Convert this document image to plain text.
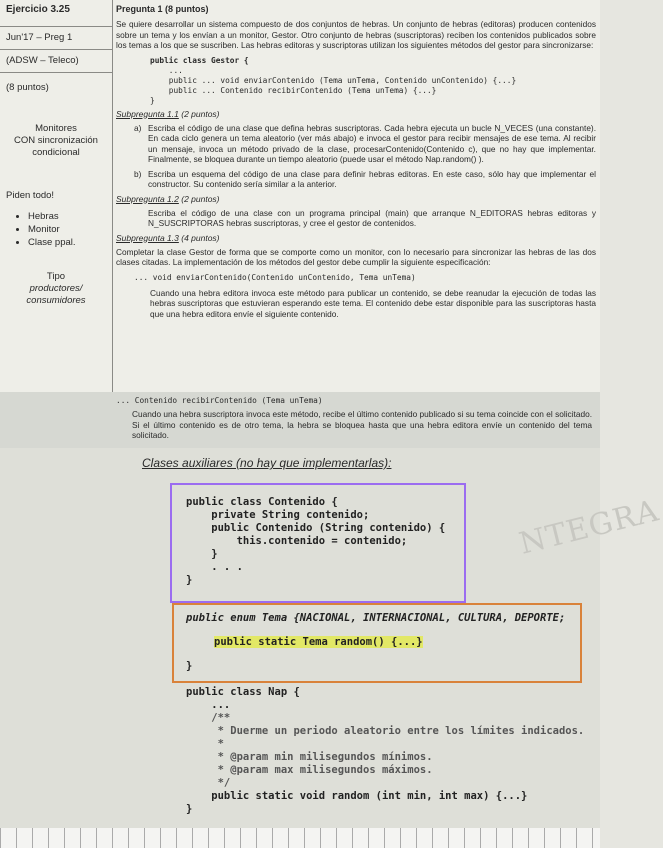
Ejercicio 3.25
Jun'17 – Preg 1
(ADSW – Teleco)
(8 puntos)
Monitores
CON sincronización
condicional
Piden todo!
• Hebras
• Monitor
• Clase ppal.
Tipo
productores/
consumidores
Pregunta 1 (8 puntos)

Se quiere desarrollar un sistema compuesto de dos conjuntos de hebras. Un conjunto de hebras (editoras) producen contenidos sobre un tema y los envían a un monitor, Gestor. Otro conjunto de hebras (suscriptoras) reciben los contenidos publicados sobre los temas a los que se suscriben. Las hebras editoras y suscriptoras utilizan los siguientes métodos del gestor para sincronizarse:

public class Gestor {
...
public ... void enviarContenido (Tema unTema, Contenido unContenido) {...}
public ... Contenido recibirContenido (Tema unTema) {...}
}
Subpregunta 1.1 (2 puntos)
a) Escriba el código de una clase que defina hebras suscriptoras. Cada hebra ejecuta un bucle N_VECES (una constante). En cada ciclo genera un tema aleatorio (ver más abajo) e invoca el gestor para recibir mensajes de ese tema. Al recibir un mensaje, invoca un método privado de la clase, procesarContenido(Contenido c), que no hay que implementar. Finalmente, se bloquea durante un tiempo aleatorio (puede usar el método Nap.random() ).
b) Escriba un esquema del código de una clase para definir hebras editoras. En este caso, sólo hay que implementar el constructor. Su contenido sería similar a la anterior.
Subpregunta 1.2 (2 puntos)

Escriba el código de una clase con un programa principal (main) que arranque N_EDITORAS hebras editoras y N_SUSCRIPTORAS hebras suscriptoras, y cree el gestor de contenidos.

Subpregunta 1.3 (4 puntos)

Completar la clase Gestor de forma que se comporte como un monitor, con lo necesario para sincronizar las hebras de las dos clases citadas. La implementación de los métodos del gestor debe cumplir la siguiente especificación:

... void enviarContenido(Contenido unContenido, Tema unTema)

Cuando una hebra editora invoca este método para publicar un contenido, se debe reanudar la ejecución de todas las hebras suscriptoras que estuvieran esperando este tema. El contenido debe estar disponible para las suscriptoras hasta que una hebra editora envíe el siguiente contenido.

... Contenido recibirContenido (Tema unTema)

Cuando una hebra suscriptora invoca este método, recibe el último contenido publicado si su tema coincide con el solicitado. Si el último contenido es de otro tema, la hebra se bloquea hasta que una hebra editora envíe un contenido del tema solicitado.

Clases auxiliares (no hay que implementarlas):
NTEGRA
public class Contenido {
private String contenido;
public Contenido (String contenido) {
this.contenido = contenido;
}
. . .
}
public enum Tema {NACIONAL, INTERNACIONAL, CULTURA, DEPORTE;
public static Tema random() {...}
}
public class Nap {
...
/**
* Duerme un periodo aleatorio entre los límites indicados.
*
* @param min milisegundos mínimos.
* @param max milisegundos máximos.
*/
public static void random (int min, int max) {...}
}
